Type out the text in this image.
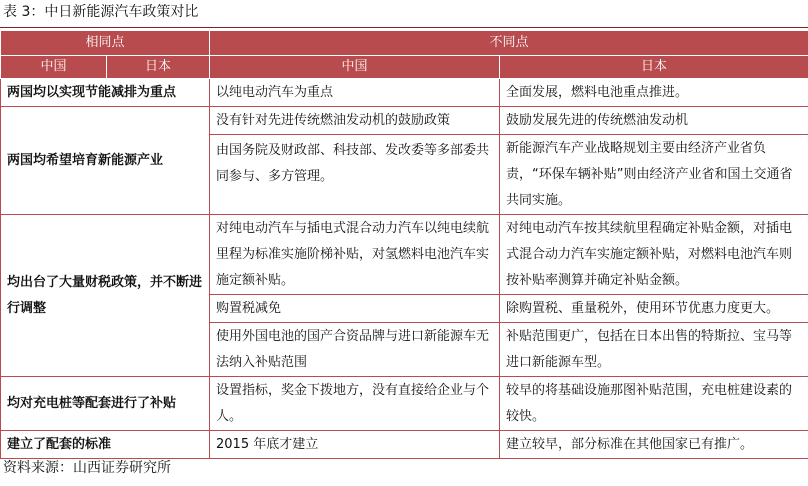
表 3：中日新能源汽车政策对比
相同点		不同点	
中国	日本	中国	日本
两国均以实现节能减排为重点		以纯电动汽车为重点	全面发展，燃料电池重点推进。
两国均希望培育新能源产业		没有针对先进传统燃油发动机的鼓励政策	鼓励发展先进的传统燃油发动机
		由国务院及财政部、科技部、发改委等多部委共同参与、多方管理。	新能源汽车产业战略规划主要由经济产业省负责，“环保车辆补贴”则由经济产业省和国土交通省共同实施。
均出台了大量财税政策，并不断进行调整		对纯电动汽车与插电式混合动力汽车以纯电续航里程为标准实施阶梯补贴，对氢燃料电池汽车实施定额补贴。	对纯电动汽车按其续航里程确定补贴金额，对插电式混合动力汽车实施定额补贴，对燃料电池汽车则按补贴率测算并确定补贴金额。
		购置税减免	除购置税、重量税外，使用环节优惠力度更大。
		使用外国电池的国产合资品牌与进口新能源车无法纳入补贴范围	补贴范围更广，包括在日本出售的特斯拉、宝马等进口新能源车型。
均对充电桩等配套进行了补贴		设置指标，奖金下拨地方，没有直接给企业与个人。	较早的将基础设施那图补贴范围，充电桩建设素的较快。
建立了配套的标准		2015 年底才建立	建立较早，部分标准在其他国家已有推广。
资料来源：山西证券研究所
